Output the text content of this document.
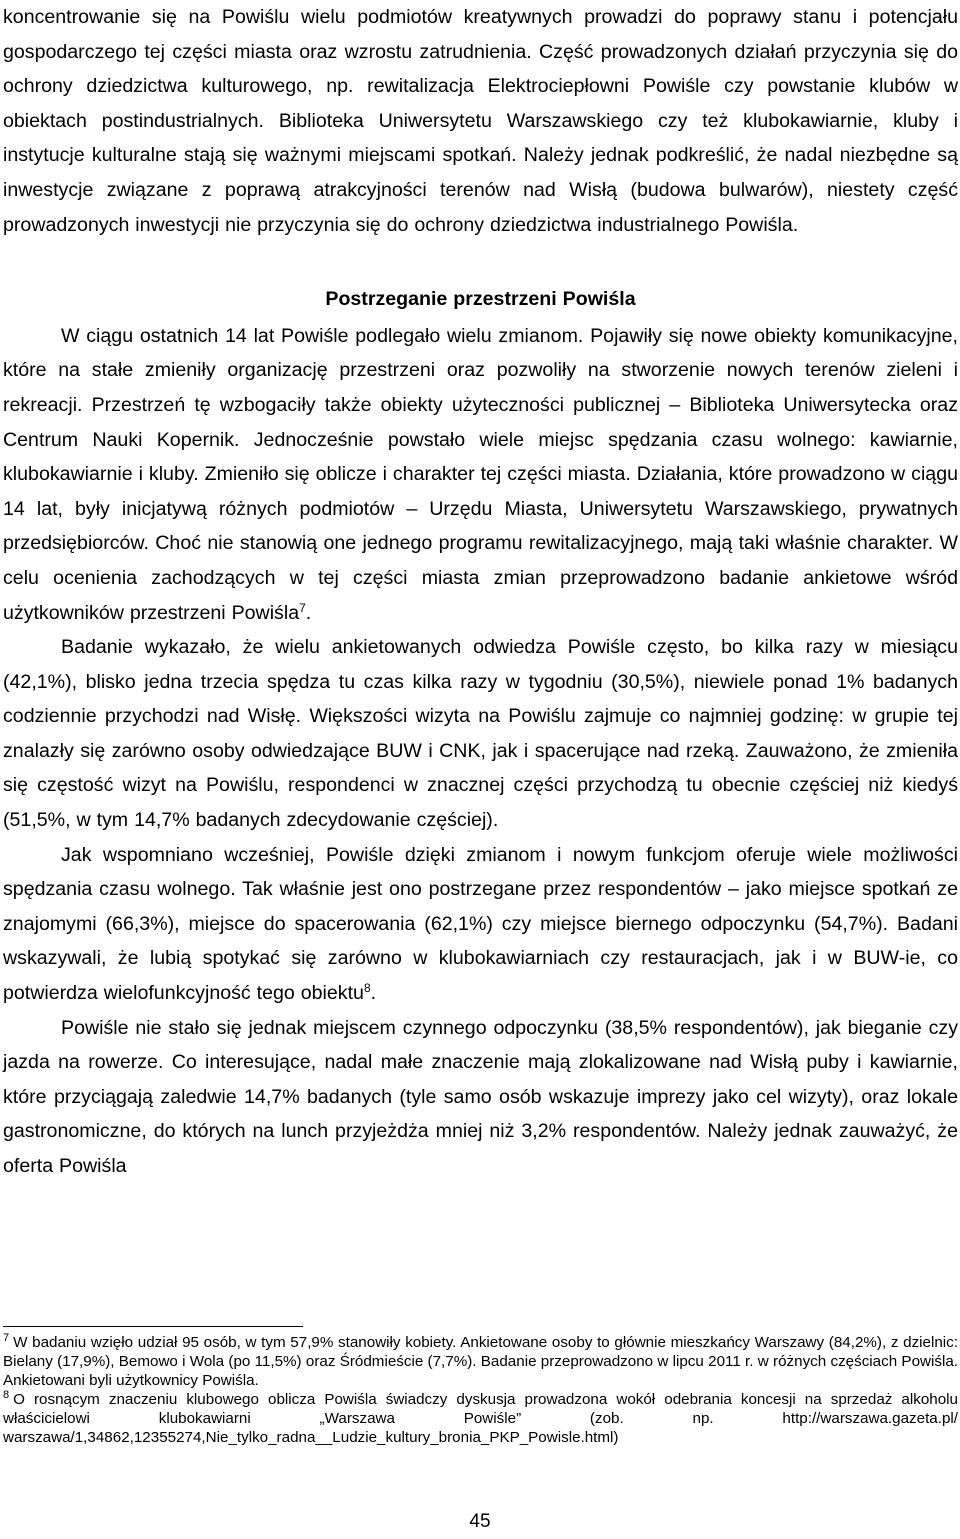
koncentrowanie się na Powiślu wielu podmiotów kreatywnych prowadzi do poprawy stanu i potencjału gospodarczego tej części miasta oraz wzrostu zatrudnienia. Część prowadzonych działań przyczynia się do ochrony dziedzictwa kulturowego, np. rewitalizacja Elektrociepłowni Powiśle czy powstanie klubów w obiektach postindustrialnych. Biblioteka Uniwersytetu Warszawskiego czy też klubokawiarnie, kluby i instytucje kulturalne stają się ważnymi miejscami spotkań. Należy jednak podkreślić, że nadal niezbędne są inwestycje związane z poprawą atrakcyjności terenów nad Wisłą (budowa bulwarów), niestety część prowadzonych inwestycji nie przyczynia się do ochrony dziedzictwa industrialnego Powiśla.

Postrzeganie przestrzeni Powiśla

W ciągu ostatnich 14 lat Powiśle podlegało wielu zmianom. Pojawiły się nowe obiekty komunikacyjne, które na stałe zmieniły organizację przestrzeni oraz pozwoliły na stworzenie nowych terenów zieleni i rekreacji. Przestrzeń tę wzbogaciły także obiekty użyteczności publicznej – Biblioteka Uniwersytecka oraz Centrum Nauki Kopernik. Jednocześnie powstało wiele miejsc spędzania czasu wolnego: kawiarnie, klubokawiarnie i kluby. Zmieniło się oblicze i charakter tej części miasta. Działania, które prowadzono w ciągu 14 lat, były inicjatywą różnych podmiotów – Urzędu Miasta, Uniwersytetu Warszawskiego, prywatnych przedsiębiorców. Choć nie stanowią one jednego programu rewitalizacyjnego, mają taki właśnie charakter. W celu ocenienia zachodzących w tej części miasta zmian przeprowadzono badanie ankietowe wśród użytkowników przestrzeni Powiśla$^7$.

Badanie wykazało, że wielu ankietowanych odwiedza Powiśle często, bo kilka razy w miesiącu (42,1%), blisko jedna trzecia spędza tu czas kilka razy w tygodniu (30,5%), niewiele ponad 1% badanych codziennie przychodzi nad Wisłę. Większości wizyta na Powiślu zajmuje co najmniej godzinę: w grupie tej znalazły się zarówno osoby odwiedzające BUW i CNK, jak i spacerujące nad rzeką. Zauważono, że zmieniła się częstość wizyt na Powiślu, respondenci w znacznej części przychodzą tu obecnie częściej niż kiedyś (51,5%, w tym 14,7% badanych zdecydowanie częściej).

Jak wspomniano wcześniej, Powiśle dzięki zmianom i nowym funkcjom oferuje wiele możliwości spędzania czasu wolnego. Tak właśnie jest ono postrzegane przez respondentów – jako miejsce spotkań ze znajomymi (66,3%), miejsce do spacerowania (62,1%) czy miejsce biernego odpoczynku (54,7%). Badani wskazywali, że lubią spotykać się zarówno w klubokawiarniach czy restauracjach, jak i w BUW-ie, co potwierdza wielofunkcyjność tego obiektu$^8$.

Powiśle nie stało się jednak miejscem czynnego odpoczynku (38,5% respondentów), jak bieganie czy jazda na rowerze. Co interesujące, nadal małe znaczenie mają zlokalizowane nad Wisłą puby i kawiarnie, które przyciągają zaledwie 14,7% badanych (tyle samo osób wskazuje imprezy jako cel wizyty), oraz lokale gastronomiczne, do których na lunch przyjeżdża mniej niż 3,2% respondentów. Należy jednak zauważyć, że oferta Powiśla

$^7$ W badaniu wzięło udział 95 osób, w tym 57,9% stanowiły kobiety. Ankietowane osoby to głównie mieszkańcy Warszawy (84,2%), z dzielnic: Bielany (17,9%), Bemowo i Wola (po 11,5%) oraz Śródmieście (7,7%). Badanie przeprowadzono w lipcu 2011 r. w różnych częściach Powiśla. Ankietowani byli użytkownicy Powiśla.

$^8$ O rosnącym znaczeniu klubowego oblicza Powiśla świadczy dyskusja prowadzona wokół odebrania koncesji na sprzedaż alkoholu właścicielowi klubokawiarni „Warszawa Powiśle” (zob. np. http://warszawa.gazeta.pl/ warszawa/1,34862,12355274,Nie_tylko_radna__Ludzie_kultury_bronia_PKP_Powisle.html)

45
